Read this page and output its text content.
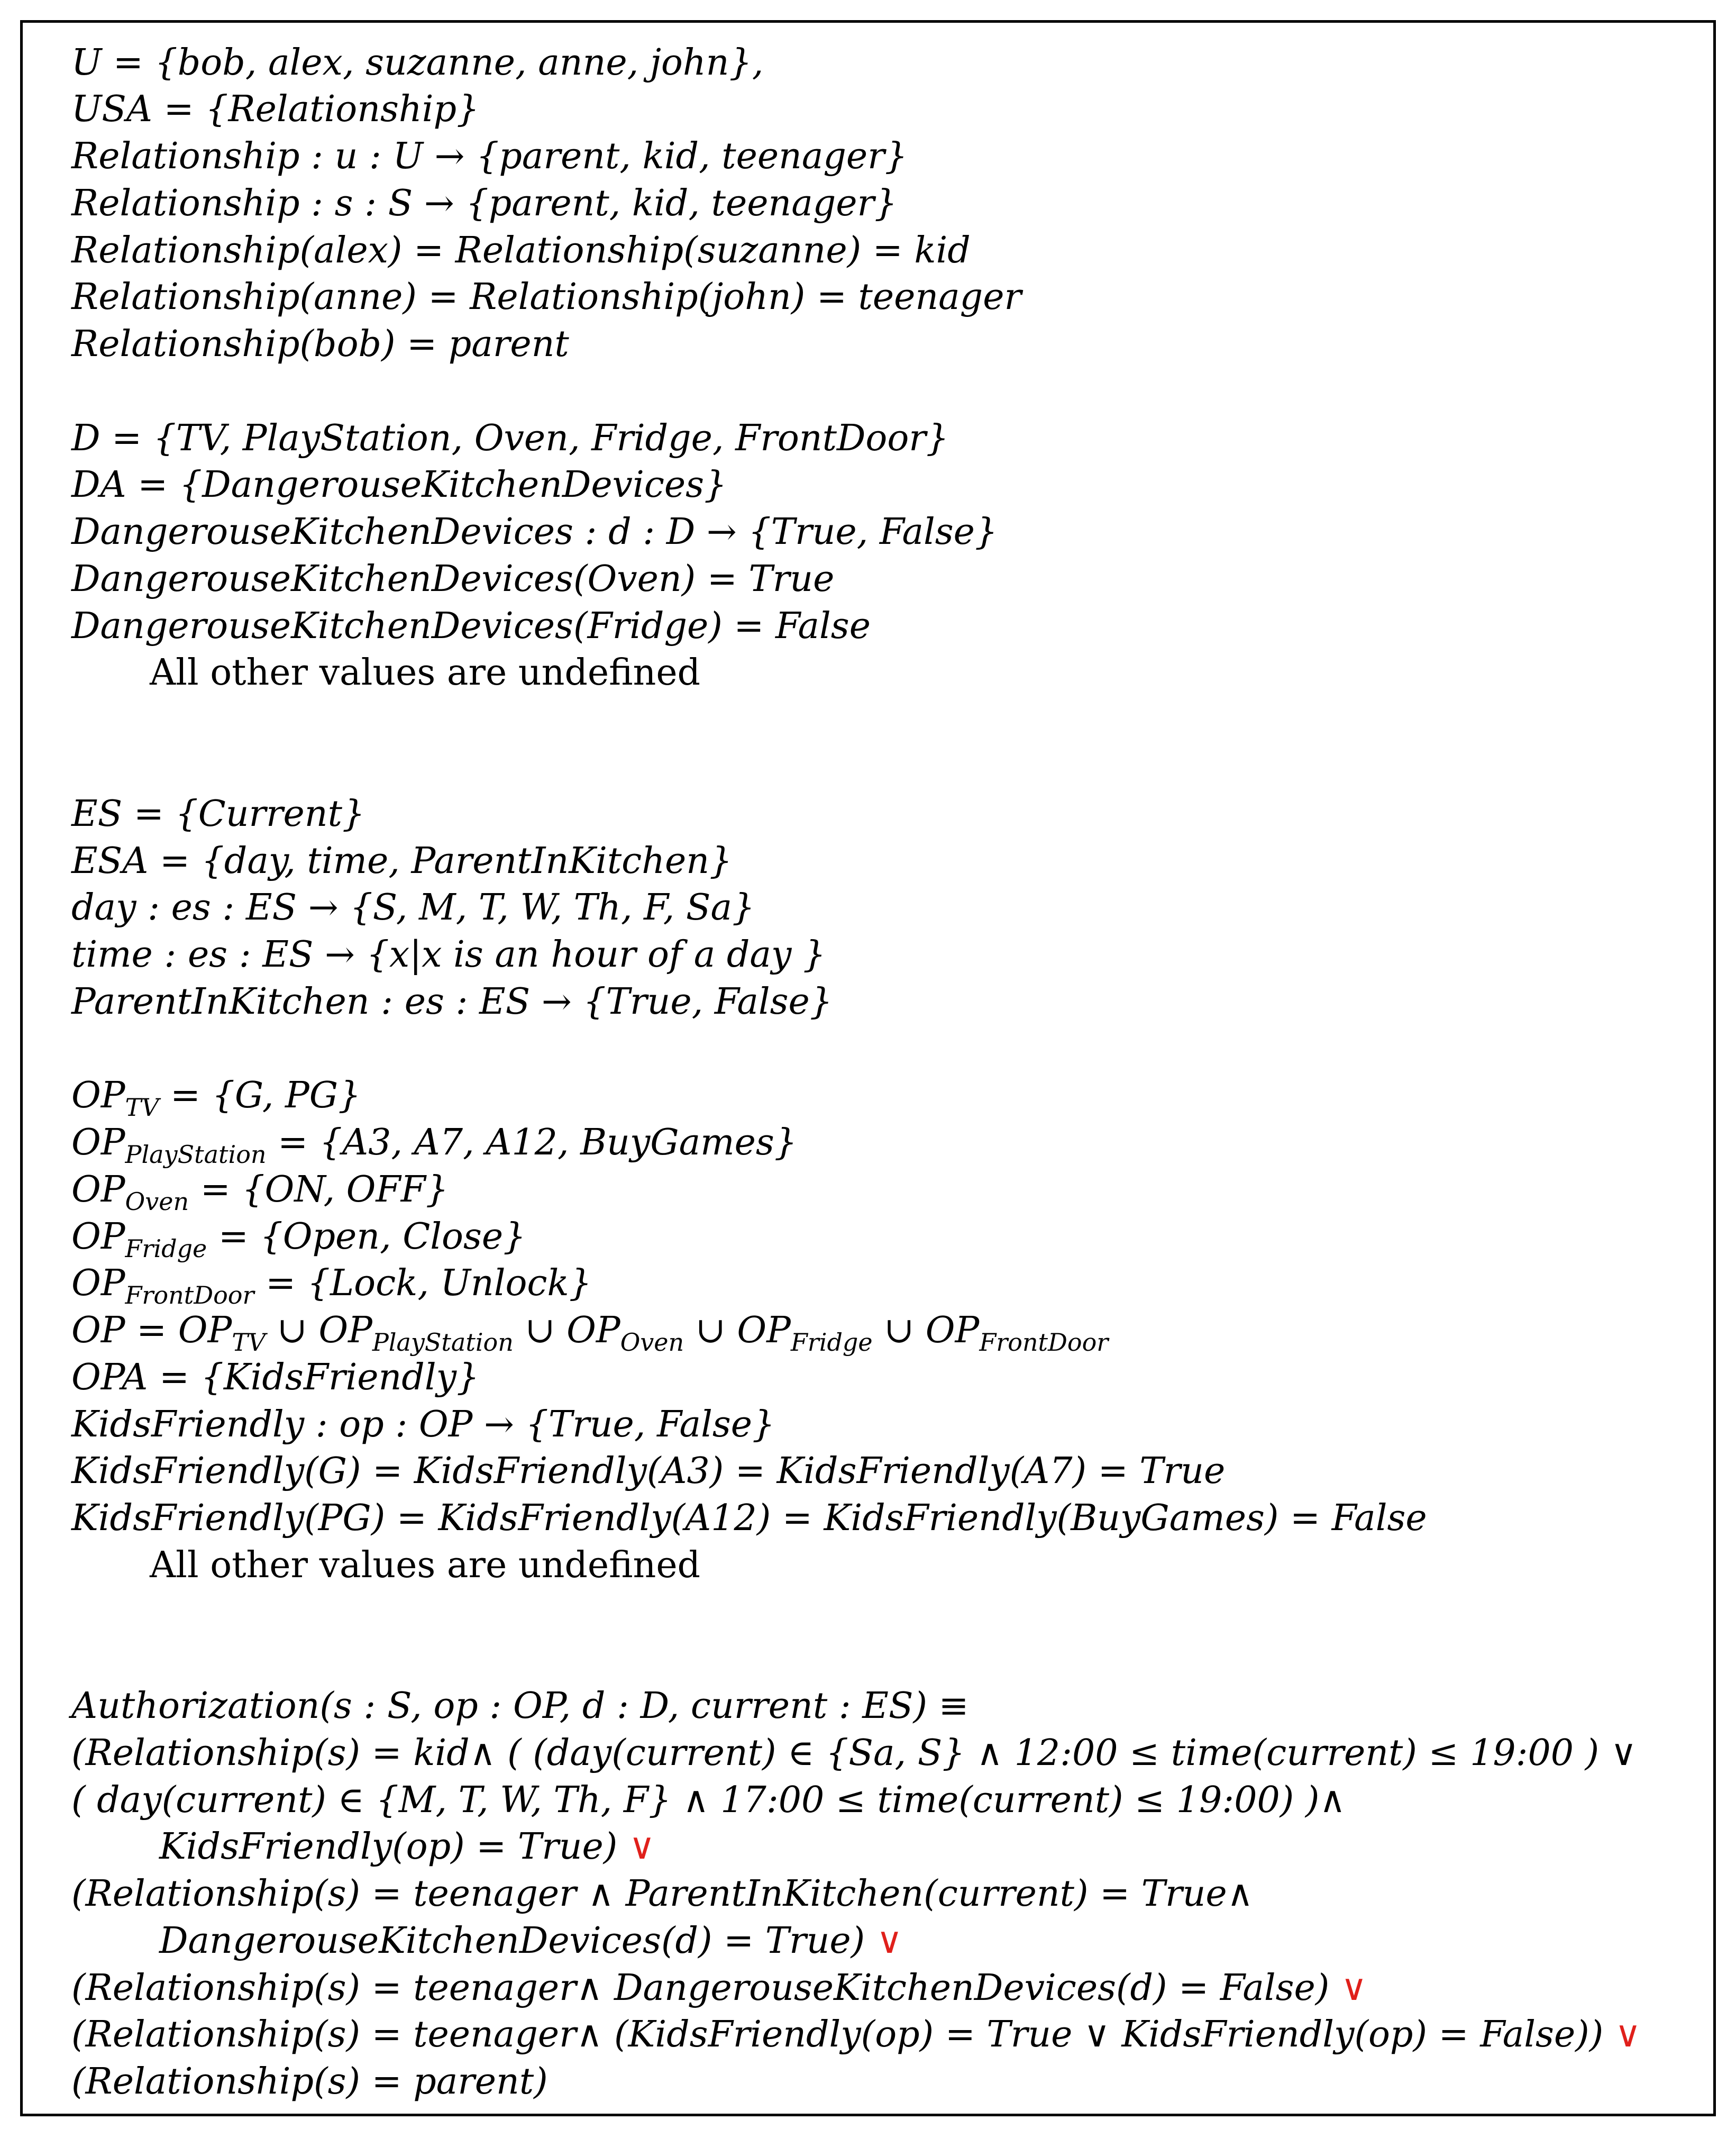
U = {bob, alex, suzanne, anne, john},
USA = {Relationship}
Relationship : u : U → {parent, kid, teenager}
Relationship : s : S → {parent, kid, teenager}
Relationship(alex) = Relationship(suzanne) = kid
Relationship(anne) = Relationship(john) = teenager
Relationship(bob) = parent
D = {TV, PlayStation, Oven, Fridge, FrontDoor}
DA = {DangerouseKitchenDevices}
DangerouseKitchenDevices : d : D → {True, False}
DangerouseKitchenDevices(Oven) = True
DangerouseKitchenDevices(Fridge) = False
All other values are undefined
ES = {Current}
ESA = {day, time, ParentInKitchen}
day : es : ES → {S, M, T, W, Th, F, Sa}
time : es : ES → {x|x is an hour of a day }
ParentInKitchen : es : ES → {True, False}
$OP_{TV} = \{G$, PG}
$OP_{PlayStation} = \{A3$, A7, A12, BuyGames}
$OP_{Oven} = \{ON$, OFF}
$OP_{Fridge}$ = {Open, Close}
$OP_{FrontDoor}$ = {Lock, Unlock}
OP = $OP_{TV}$ ∪ $OP_{PlayStation}$ ∪ $OP_{Oven}$ ∪ $OP_{Fridge}$ ∪ $OP_{FrontDoor}$
OPA = {KidsFriendly}
KidsFriendly : op : OP → {True, False}
KidsFriendly(G) = KidsFriendly(A3) = KidsFriendly(A7) = True
KidsFriendly(PG) = KidsFriendly(A12) = KidsFriendly(BuyGames) = False
All other values are undefined
Authorization(s : S, op : OP, d : D, current : ES) ≡
(Relationship(s) = kid∧ ( (day(current) ∈ {Sa, S} ∧ 12:00 ≤ time(current) ≤ 19:00 ) ∨
( day(current) ∈ {M, T, W, Th, F} ∧ 17:00 ≤ time(current) ≤ 19:00) )∧
KidsFriendly(op) = True) ∨
(Relationship(s) = teenager ∧ ParentInKitchen(current) = True∧
DangerouseKitchenDevices(d) = True) ∨
(Relationship(s) = teenager∧ DangerouseKitchenDevices(d) = False) ∨
(Relationship(s) = teenager∧ (KidsFriendly(op) = True ∨ KidsFriendly(op) = False)) ∨
(Relationship(s) = parent)
